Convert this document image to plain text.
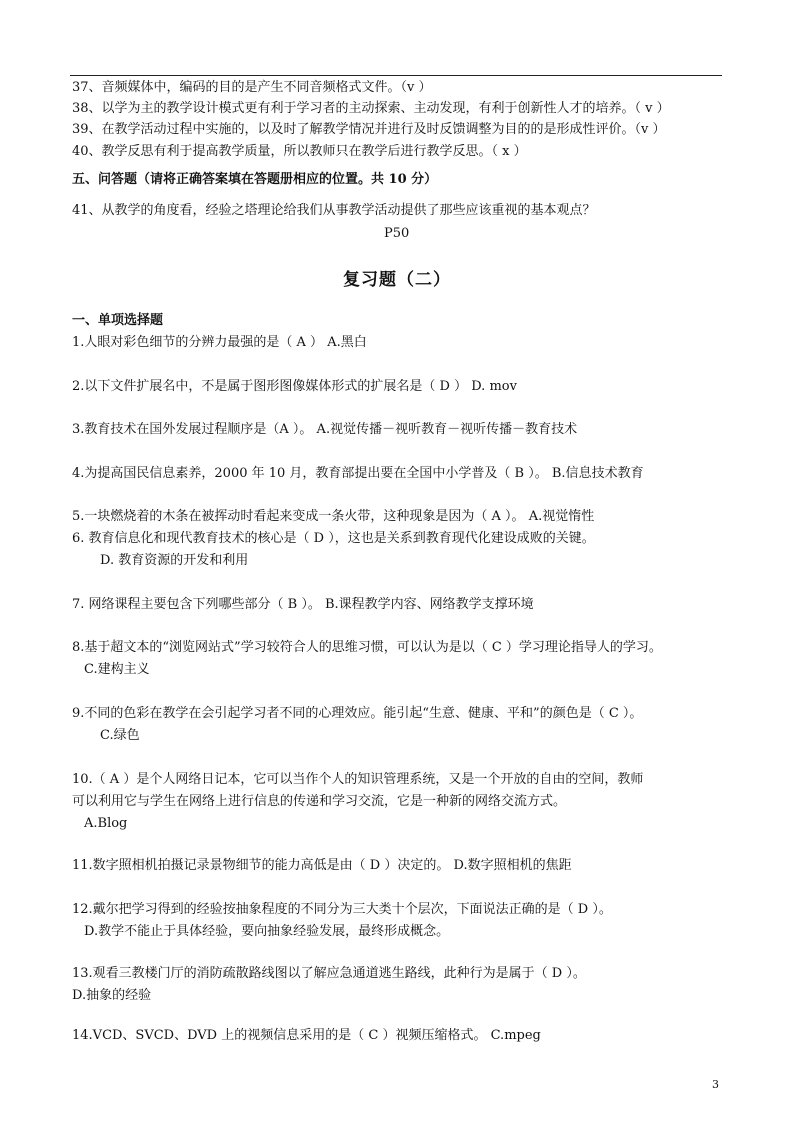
37、音频媒体中，编码的目的是产生不同音频格式文件。（v ）
38、以学为主的教学设计模式更有利于学习者的主动探索、主动发现，有利于创新性人才的培养。（ v ）
39、在教学活动过程中实施的，以及时了解教学情况并进行及时反馈调整为目的的是形成性评价。（v ）
40、教学反思有利于提高教学质量，所以教师只在教学后进行教学反思。（ x ）
五、问答题（请将正确答案填在答题册相应的位置。共 10 分）
41、从教学的角度看，经验之塔理论给我们从事教学活动提供了那些应该重视的基本观点？
P50
复习题（二）
一、单项选择题
1.人眼对彩色细节的分辨力最强的是（ A ） A.黑白
2.以下文件扩展名中，不是属于图形图像媒体形式的扩展名是（ D ） D. mov
3.教育技术在国外发展过程顺序是（A ）。 A.视觉传播－视听教育－视听传播－教育技术
4.为提高国民信息素养，2000 年 10 月，教育部提出要在全国中小学普及（ B ）。 B.信息技术教育
5.一块燃烧着的木条在被挥动时看起来变成一条火带，这种现象是因为（ A ）。 A.视觉惰性
6. 教育信息化和现代教育技术的核心是（ D ），这也是关系到教育现代化建设成败的关键。
D. 教育资源的开发和利用
7. 网络课程主要包含下列哪些部分（ B ）。 B.课程教学内容、网络教学支撑环境
8.基于超文本的“浏览网站式”学习较符合人的思维习惯，可以认为是以（ C ）学习理论指导人的学习。
C.建构主义
9.不同的色彩在教学在会引起学习者不同的心理效应。能引起“生意、健康、平和”的颜色是（ C ）。
C.绿色
10.（ A ）是个人网络日记本，它可以当作个人的知识管理系统，又是一个开放的自由的空间，教师
可以利用它与学生在网络上进行信息的传递和学习交流，它是一种新的网络交流方式。
A.Blog
11.数字照相机拍摄记录景物细节的能力高低是由（ D ）决定的。 D.数字照相机的焦距
12.戴尔把学习得到的经验按抽象程度的不同分为三大类十个层次，下面说法正确的是（ D ）。
D.教学不能止于具体经验，要向抽象经验发展，最终形成概念。
13.观看三教楼门厅的消防疏散路线图以了解应急通道逃生路线，此种行为是属于（ D ）。
D.抽象的经验
14.VCD、SVCD、DVD 上的视频信息采用的是（ C ）视频压缩格式。 C.mpeg
3
